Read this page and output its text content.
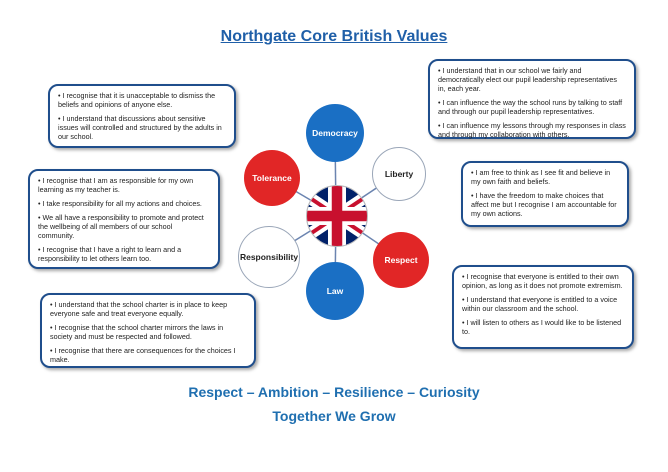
Northgate Core British Values
Democracy
Liberty
Tolerance
Respect
Responsibility
Law

• I recognise that it is unacceptable to dismiss the beliefs and opinions of anyone else.

• I understand that discussions about sensitive issues will controlled and structured by the adults in our school.

• I recognise that I am as responsible for my own learning as my teacher is.

• I take responsibility for all my actions and choices.

• We all have a responsibility to promote and protect the wellbeing of all members of our school community.

• I recognise that I have a right to learn and a responsibility to let others learn too.

• I understand that the school charter is in place to keep everyone safe and treat everyone equally.

• I recognise that the school charter mirrors the laws in society and must be respected and followed.

• I recognise that there are consequences for the choices I make.

• I understand that in our school we fairly and democratically elect our pupil leadership representatives in, each year.

• I can influence the way the school runs by talking to staff and through our pupil leadership representatives.

• I can influence my lessons through my responses in class and through my collaboration with others.

• I am free to think as I see fit and believe in my own faith and beliefs.

• I have the freedom to make choices that affect me but I recognise I am accountable for my own actions.

• I recognise that everyone is entitled to their own opinion, as long as it does not promote extremism.

• I understand that everyone is entitled to a voice within our classroom and the school.

• I will listen to others as I would like to be listened to.

Respect – Ambition – Resilience – Curiosity
Together We Grow
